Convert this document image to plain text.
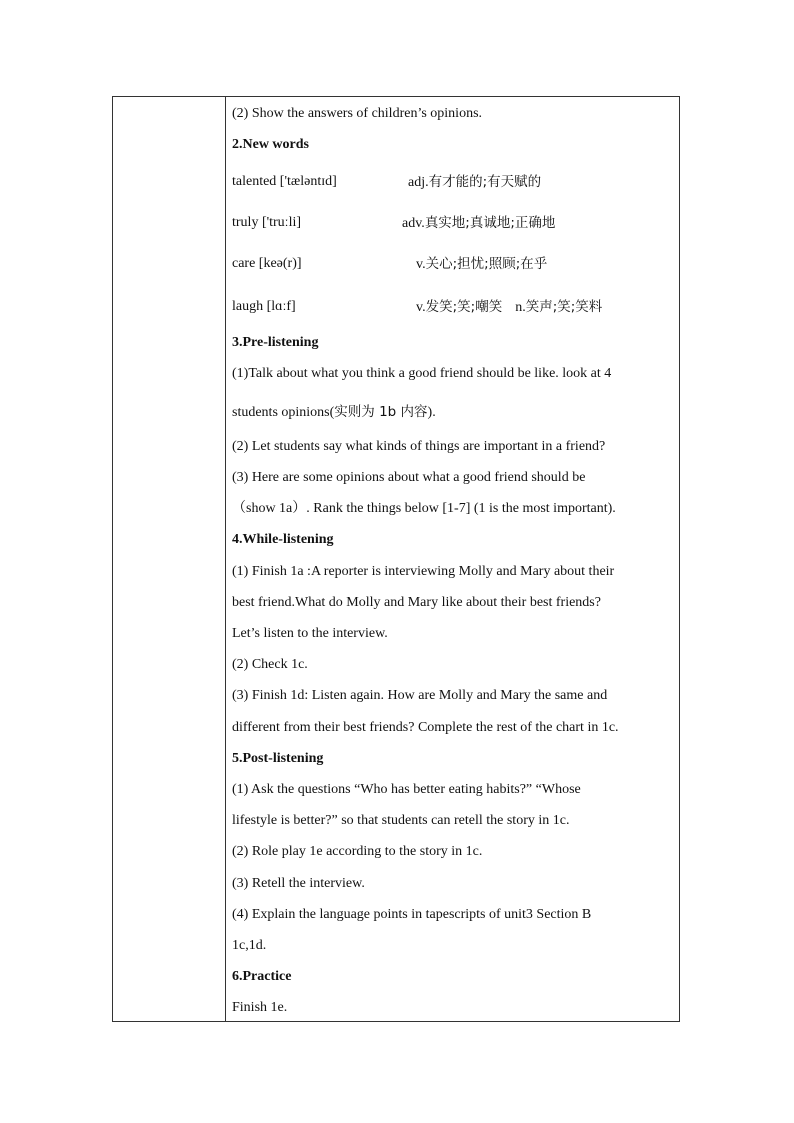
(2) Show the answers of children’s opinions.
2.New words
talented ['tæləntɪd]	adj.有才能的;有天赋的
truly ['truːli]	adv.真实地;真诚地;正确地
care [keə(r)]	v.关心;担忧;照顾;在乎
laugh [lɑːf]	v.发笑;笑;嘲笑 n.笑声;笑;笑料
3.Pre-listening
(1)Talk about what you think a good friend should be like. look at 4
students opinions(实则为 1b 内容).
(2) Let students say what kinds of things are important in a friend?
(3) Here are some opinions about what a good friend should be
（show 1a）. Rank the things below [1-7] (1 is the most important).
4.While-listening
(1) Finish 1a :A reporter is interviewing Molly and Mary about their
best friend.What do Molly and Mary like about their best friends?
Let’s listen to the interview.
(2) Check 1c.
(3) Finish 1d: Listen again. How are Molly and Mary the same and
different from their best friends? Complete the rest of the chart in 1c.
5.Post-listening
(1) Ask the questions “Who has better eating habits?” “Whose
lifestyle is better?” so that students can retell the story in 1c.
(2) Role play 1e according to the story in 1c.
(3) Retell the interview.
(4) Explain the language points in tapescripts of unit3 Section B
1c,1d.
6.Practice
Finish 1e.
